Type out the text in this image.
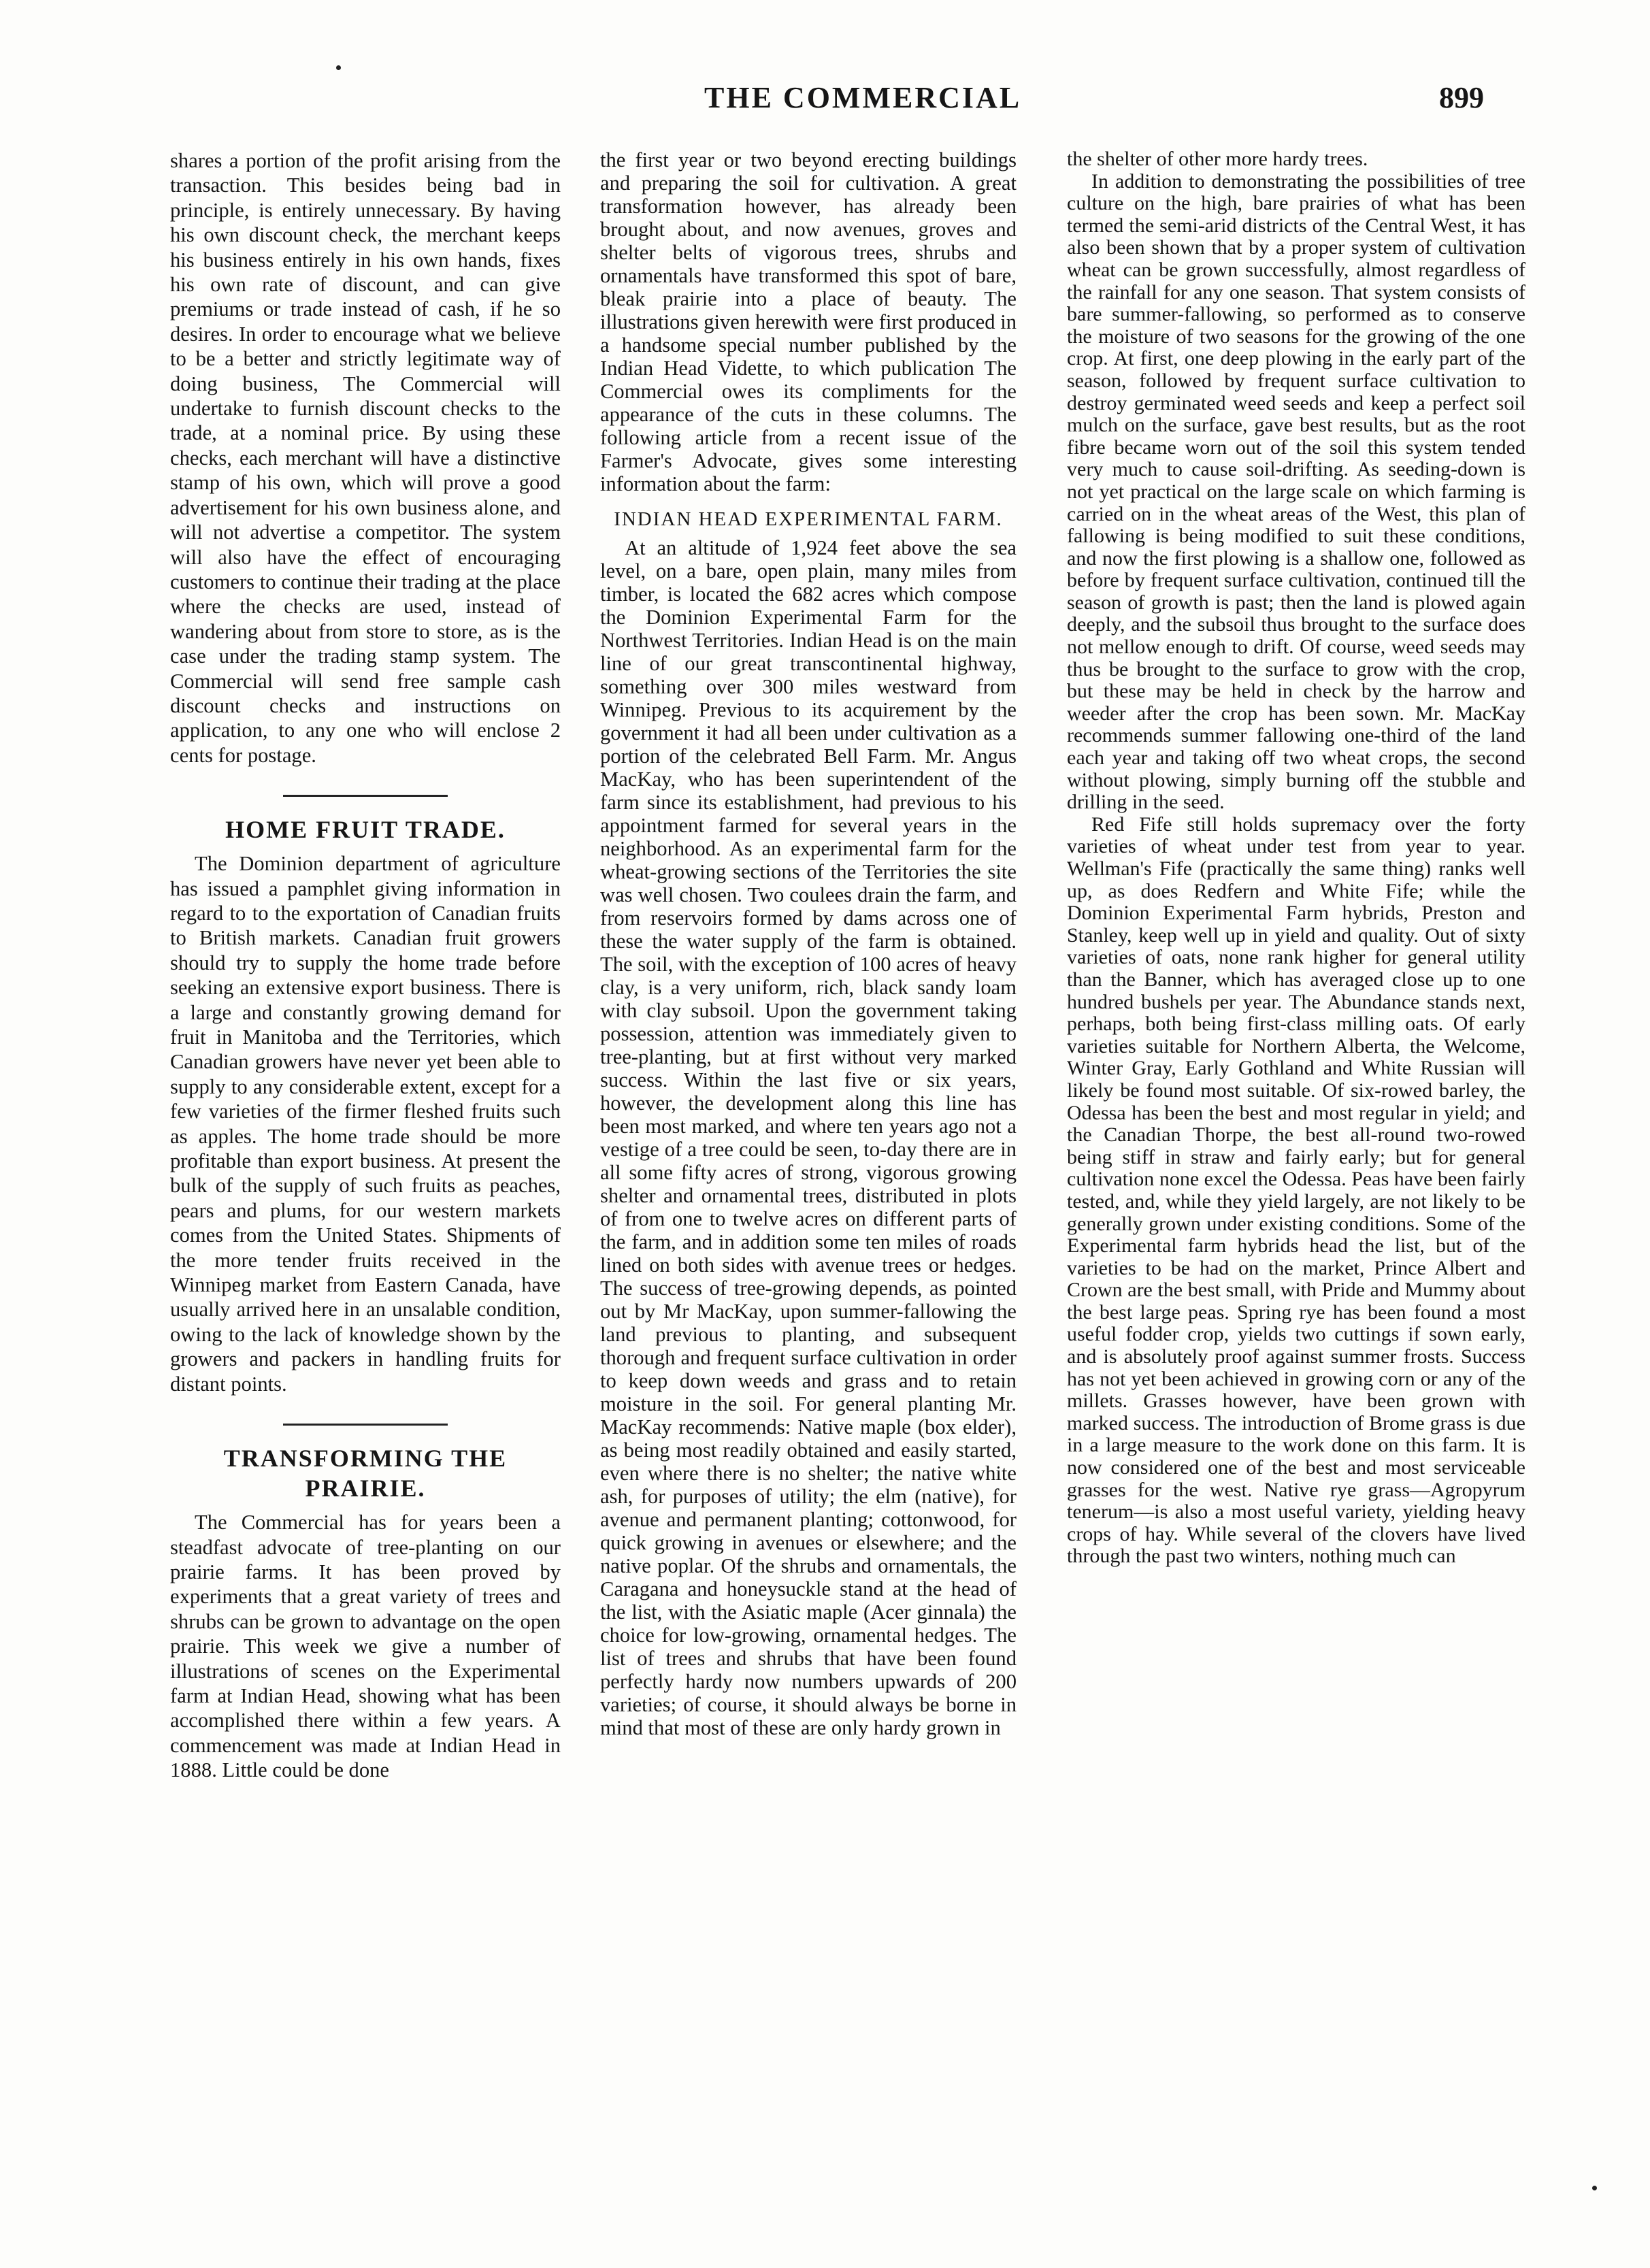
THE COMMERCIAL	899

shares a portion of the profit arising from the transaction. This besides being bad in principle, is entirely unnecessary. By having his own discount check, the merchant keeps his business entirely in his own hands, fixes his own rate of discount, and can give premiums or trade instead of cash, if he so desires. In order to encourage what we believe to be a better and strictly legitimate way of doing business, The Commercial will undertake to furnish discount checks to the trade, at a nominal price. By using these checks, each merchant will have a distinctive stamp of his own, which will prove a good advertisement for his own business alone, and will not advertise a competitor. The system will also have the effect of encouraging customers to continue their trading at the place where the checks are used, instead of wandering about from store to store, as is the case under the trading stamp system. The Commercial will send free sample cash discount checks and instructions on application, to any one who will enclose 2 cents for postage.

HOME FRUIT TRADE.

The Dominion department of agriculture has issued a pamphlet giving information in regard to to the exportation of Canadian fruits to British markets. Canadian fruit growers should try to supply the home trade before seeking an extensive export business. There is a large and constantly growing demand for fruit in Manitoba and the Territories, which Canadian growers have never yet been able to supply to any considerable extent, except for a few varieties of the firmer fleshed fruits such as apples. The home trade should be more profitable than export business. At present the bulk of the supply of such fruits as peaches, pears and plums, for our western markets comes from the United States. Shipments of the more tender fruits received in the Winnipeg market from Eastern Canada, have usually arrived here in an unsalable condition, owing to the lack of knowledge shown by the growers and packers in handling fruits for distant points.

TRANSFORMING THE PRAIRIE.

The Commercial has for years been a steadfast advocate of tree-planting on our prairie farms. It has been proved by experiments that a great variety of trees and shrubs can be grown to advantage on the open prairie. This week we give a number of illustrations of scenes on the Experimental farm at Indian Head, showing what has been accomplished there within a few years. A commencement was made at Indian Head in 1888. Little could be done

the first year or two beyond erecting buildings and preparing the soil for cultivation. A great transformation however, has already been brought about, and now avenues, groves and shelter belts of vigorous trees, shrubs and ornamentals have transformed this spot of bare, bleak prairie into a place of beauty. The illustrations given herewith were first produced in a handsome special number published by the Indian Head Vidette, to which publication The Commercial owes its compliments for the appearance of the cuts in these columns. The following article from a recent issue of the Farmer's Advocate, gives some interesting information about the farm:

INDIAN HEAD EXPERIMENTAL FARM.

At an altitude of 1,924 feet above the sea level, on a bare, open plain, many miles from timber, is located the 682 acres which compose the Dominion Experimental Farm for the Northwest Territories. Indian Head is on the main line of our great transcontinental highway, something over 300 miles westward from Winnipeg. Previous to its acquirement by the government it had all been under cultivation as a portion of the celebrated Bell Farm. Mr. Angus MacKay, who has been superintendent of the farm since its establishment, had previous to his appointment farmed for several years in the neighborhood. As an experimental farm for the wheat-growing sections of the Territories the site was well chosen. Two coulees drain the farm, and from reservoirs formed by dams across one of these the water supply of the farm is obtained. The soil, with the exception of 100 acres of heavy clay, is a very uniform, rich, black sandy loam with clay subsoil. Upon the government taking possession, attention was immediately given to tree-planting, but at first without very marked success. Within the last five or six years, however, the development along this line has been most marked, and where ten years ago not a vestige of a tree could be seen, to-day there are in all some fifty acres of strong, vigorous growing shelter and ornamental trees, distributed in plots of from one to twelve acres on different parts of the farm, and in addition some ten miles of roads lined on both sides with avenue trees or hedges. The success of tree-growing depends, as pointed out by Mr MacKay, upon summer-fallowing the land previous to planting, and subsequent thorough and frequent surface cultivation in order to keep down weeds and grass and to retain moisture in the soil. For general planting Mr. MacKay recommends: Native maple (box elder), as being most readily obtained and easily started, even where there is no shelter; the native white ash, for purposes of utility; the elm (native), for avenue and permanent planting; cottonwood, for quick growing in avenues or elsewhere; and the native poplar. Of the shrubs and ornamentals, the Caragana and honeysuckle stand at the head of the list, with the Asiatic maple (Acer ginnala) the choice for low-growing, ornamental hedges. The list of trees and shrubs that have been found perfectly hardy now numbers upwards of 200 varieties; of course, it should always be borne in mind that most of these are only hardy grown in

the shelter of other more hardy trees.

In addition to demonstrating the possibilities of tree culture on the high, bare prairies of what has been termed the semi-arid districts of the Central West, it has also been shown that by a proper system of cultivation wheat can be grown successfully, almost regardless of the rainfall for any one season. That system consists of bare summer-fallowing, so performed as to conserve the moisture of two seasons for the growing of the one crop. At first, one deep plowing in the early part of the season, followed by frequent surface cultivation to destroy germinated weed seeds and keep a perfect soil mulch on the surface, gave best results, but as the root fibre became worn out of the soil this system tended very much to cause soil-drifting. As seeding-down is not yet practical on the large scale on which farming is carried on in the wheat areas of the West, this plan of fallowing is being modified to suit these conditions, and now the first plowing is a shallow one, followed as before by frequent surface cultivation, continued till the season of growth is past; then the land is plowed again deeply, and the subsoil thus brought to the surface does not mellow enough to drift. Of course, weed seeds may thus be brought to the surface to grow with the crop, but these may be held in check by the harrow and weeder after the crop has been sown. Mr. MacKay recommends summer fallowing one-third of the land each year and taking off two wheat crops, the second without plowing, simply burning off the stubble and drilling in the seed.

Red Fife still holds supremacy over the forty varieties of wheat under test from year to year. Wellman's Fife (practically the same thing) ranks well up, as does Redfern and White Fife; while the Dominion Experimental Farm hybrids, Preston and Stanley, keep well up in yield and quality. Out of sixty varieties of oats, none rank higher for general utility than the Banner, which has averaged close up to one hundred bushels per year. The Abundance stands next, perhaps, both being first-class milling oats. Of early varieties suitable for Northern Alberta, the Welcome, Winter Gray, Early Gothland and White Russian will likely be found most suitable. Of six-rowed barley, the Odessa has been the best and most regular in yield; and the Canadian Thorpe, the best all-round two-rowed being stiff in straw and fairly early; but for general cultivation none excel the Odessa. Peas have been fairly tested, and, while they yield largely, are not likely to be generally grown under existing conditions. Some of the Experimental farm hybrids head the list, but of the varieties to be had on the market, Prince Albert and Crown are the best small, with Pride and Mummy about the best large peas. Spring rye has been found a most useful fodder crop, yields two cuttings if sown early, and is absolutely proof against summer frosts. Success has not yet been achieved in growing corn or any of the millets. Grasses however, have been grown with marked success. The introduction of Brome grass is due in a large measure to the work done on this farm. It is now considered one of the best and most serviceable grasses for the west. Native rye grass—Agropyrum tenerum—is also a most useful variety, yielding heavy crops of hay. While several of the clovers have lived through the past two winters, nothing much can
